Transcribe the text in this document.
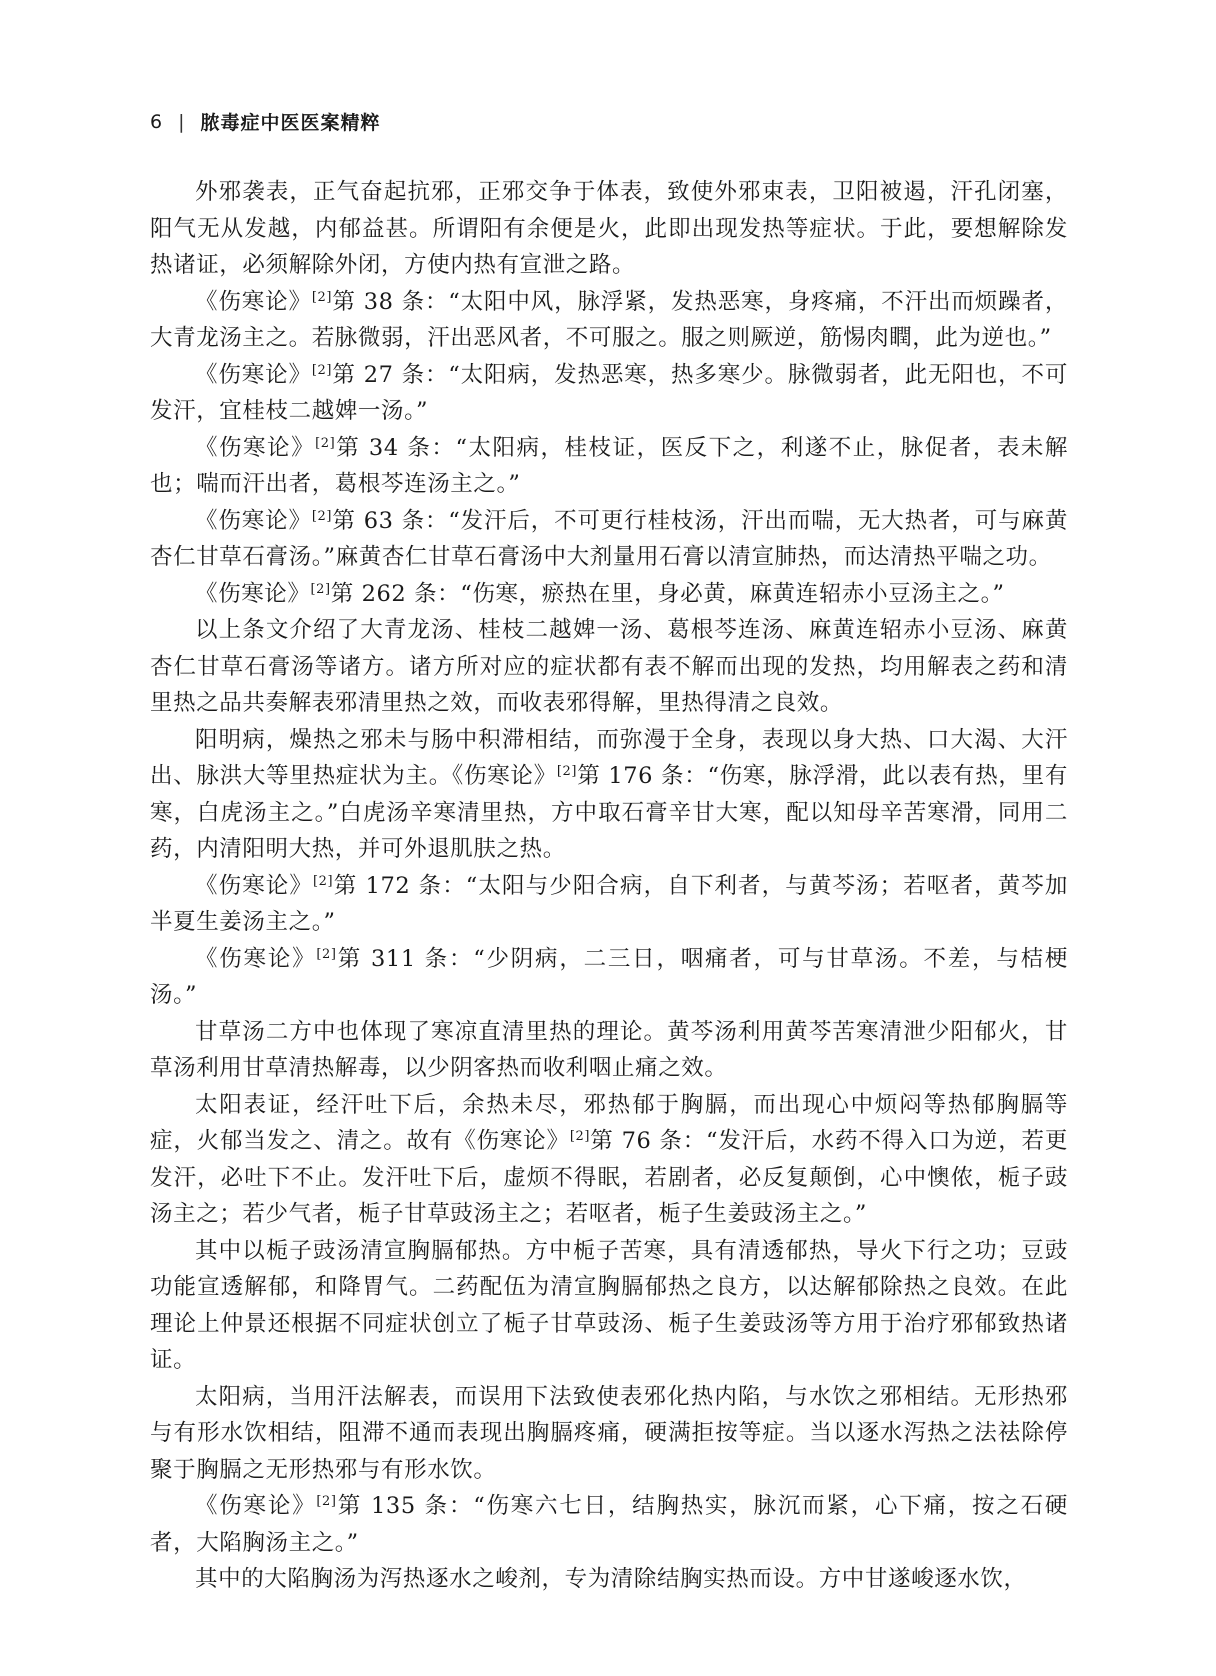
6 | 脓毒症中医医案精粹

外邪袭表，正气奋起抗邪，正邪交争于体表，致使外邪束表，卫阳被遏，汗孔闭塞，阳气无从发越，内郁益甚。所谓阳有余便是火，此即出现发热等症状。于此，要想解除发热诸证，必须解除外闭，方使内热有宣泄之路。

《伤寒论》[2]第 38 条：“太阳中风，脉浮紧，发热恶寒，身疼痛，不汗出而烦躁者，大青龙汤主之。若脉微弱，汗出恶风者，不可服之。服之则厥逆，筋惕肉瞤，此为逆也。”

《伤寒论》[2]第 27 条：“太阳病，发热恶寒，热多寒少。脉微弱者，此无阳也，不可发汗，宜桂枝二越婢一汤。”

《伤寒论》[2]第 34 条：“太阳病，桂枝证，医反下之，利遂不止，脉促者，表未解也；喘而汗出者，葛根芩连汤主之。”

《伤寒论》[2]第 63 条：“发汗后，不可更行桂枝汤，汗出而喘，无大热者，可与麻黄杏仁甘草石膏汤。”麻黄杏仁甘草石膏汤中大剂量用石膏以清宣肺热，而达清热平喘之功。

《伤寒论》[2]第 262 条：“伤寒，瘀热在里，身必黄，麻黄连轺赤小豆汤主之。”

以上条文介绍了大青龙汤、桂枝二越婢一汤、葛根芩连汤、麻黄连轺赤小豆汤、麻黄杏仁甘草石膏汤等诸方。诸方所对应的症状都有表不解而出现的发热，均用解表之药和清里热之品共奏解表邪清里热之效，而收表邪得解，里热得清之良效。

阳明病，燥热之邪未与肠中积滞相结，而弥漫于全身，表现以身大热、口大渴、大汗出、脉洪大等里热症状为主。《伤寒论》[2]第 176 条：“伤寒，脉浮滑，此以表有热，里有寒，白虎汤主之。”白虎汤辛寒清里热，方中取石膏辛甘大寒，配以知母辛苦寒滑，同用二药，内清阳明大热，并可外退肌肤之热。

《伤寒论》[2]第 172 条：“太阳与少阳合病，自下利者，与黄芩汤；若呕者，黄芩加半夏生姜汤主之。”

《伤寒论》[2]第 311 条：“少阴病，二三日，咽痛者，可与甘草汤。不差，与桔梗汤。”

甘草汤二方中也体现了寒凉直清里热的理论。黄芩汤利用黄芩苦寒清泄少阳郁火，甘草汤利用甘草清热解毒，以少阴客热而收利咽止痛之效。

太阳表证，经汗吐下后，余热未尽，邪热郁于胸膈，而出现心中烦闷等热郁胸膈等症，火郁当发之、清之。故有《伤寒论》[2]第 76 条：“发汗后，水药不得入口为逆，若更发汗，必吐下不止。发汗吐下后，虚烦不得眠，若剧者，必反复颠倒，心中懊侬，栀子豉汤主之；若少气者，栀子甘草豉汤主之；若呕者，栀子生姜豉汤主之。”

其中以栀子豉汤清宣胸膈郁热。方中栀子苦寒，具有清透郁热，导火下行之功；豆豉功能宣透解郁，和降胃气。二药配伍为清宣胸膈郁热之良方，以达解郁除热之良效。在此理论上仲景还根据不同症状创立了栀子甘草豉汤、栀子生姜豉汤等方用于治疗邪郁致热诸证。

太阳病，当用汗法解表，而误用下法致使表邪化热内陷，与水饮之邪相结。无形热邪与有形水饮相结，阻滞不通而表现出胸膈疼痛，硬满拒按等症。当以逐水泻热之法祛除停聚于胸膈之无形热邪与有形水饮。

《伤寒论》[2]第 135 条：“伤寒六七日，结胸热实，脉沉而紧，心下痛，按之石硬者，大陷胸汤主之。”

其中的大陷胸汤为泻热逐水之峻剂，专为清除结胸实热而设。方中甘遂峻逐水饮，
